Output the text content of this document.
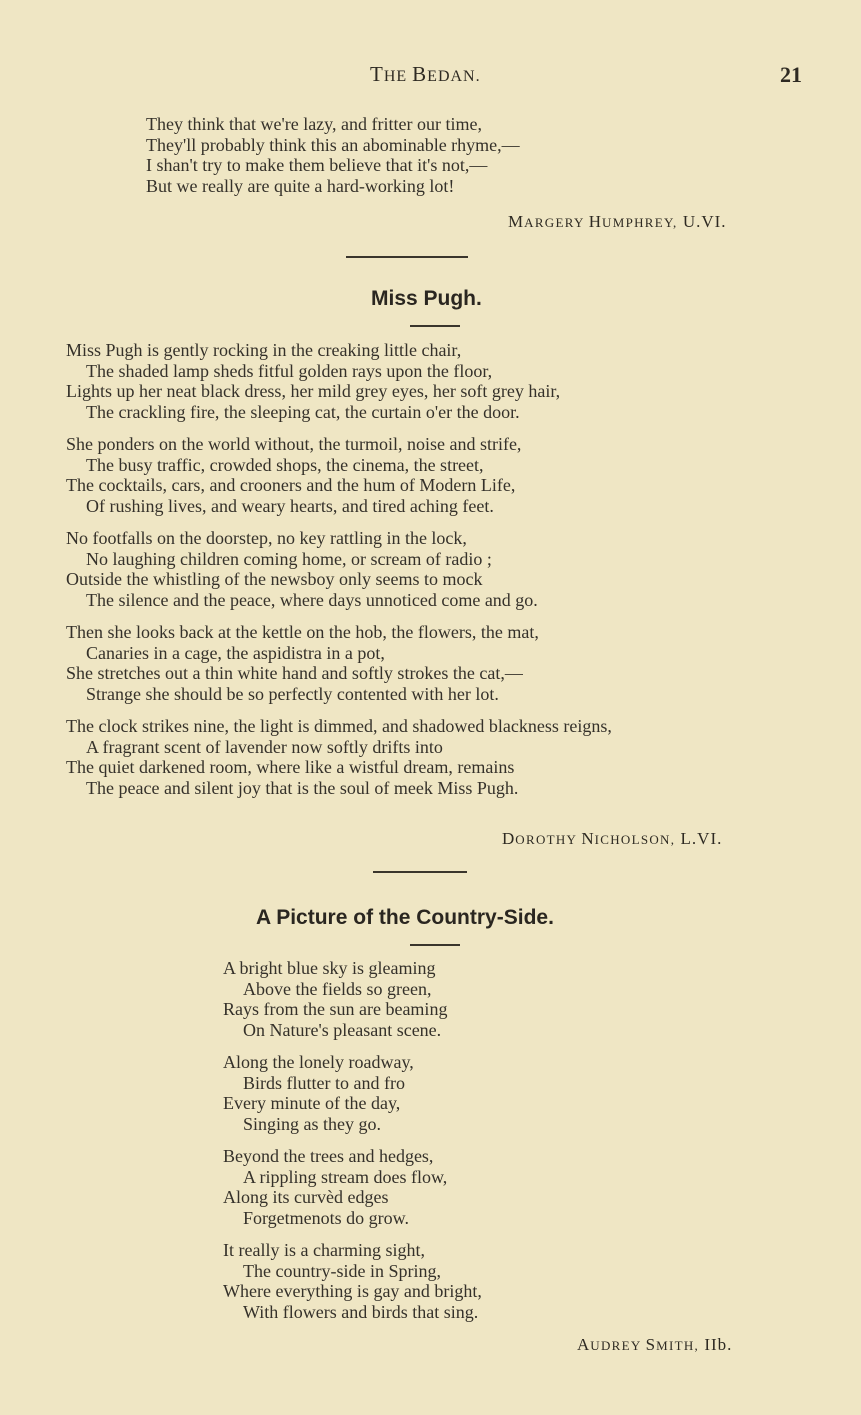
THE BEDAN.	21
They think that we're lazy, and fritter our time,
They'll probably think this an abominable rhyme,—
I shan't try to make them believe that it's not,—
But we really are quite a hard-working lot!
MARGERY HUMPHREY, U.VI.
Miss Pugh.
Miss Pugh is gently rocking in the creaking little chair,
The shaded lamp sheds fitful golden rays upon the floor,
Lights up her neat black dress, her mild grey eyes, her soft grey hair,
The crackling fire, the sleeping cat, the curtain o'er the door.
She ponders on the world without, the turmoil, noise and strife,
The busy traffic, crowded shops, the cinema, the street,
The cocktails, cars, and crooners and the hum of Modern Life,
Of rushing lives, and weary hearts, and tired aching feet.
No footfalls on the doorstep, no key rattling in the lock,
No laughing children coming home, or scream of radio ;
Outside the whistling of the newsboy only seems to mock
The silence and the peace, where days unnoticed come and go.
Then she looks back at the kettle on the hob, the flowers, the mat,
Canaries in a cage, the aspidistra in a pot,
She stretches out a thin white hand and softly strokes the cat,—
Strange she should be so perfectly contented with her lot.
The clock strikes nine, the light is dimmed, and shadowed blackness reigns,
A fragrant scent of lavender now softly drifts into
The quiet darkened room, where like a wistful dream, remains
The peace and silent joy that is the soul of meek Miss Pugh.
DOROTHY NICHOLSON, L.VI.
A Picture of the Country-Side.
A bright blue sky is gleaming
Above the fields so green,
Rays from the sun are beaming
On Nature's pleasant scene.
Along the lonely roadway,
Birds flutter to and fro
Every minute of the day,
Singing as they go.
Beyond the trees and hedges,
A rippling stream does flow,
Along its curvèd edges
Forgetmenots do grow.
It really is a charming sight,
The country-side in Spring,
Where everything is gay and bright,
With flowers and birds that sing.
AUDREY SMITH, IIb.
